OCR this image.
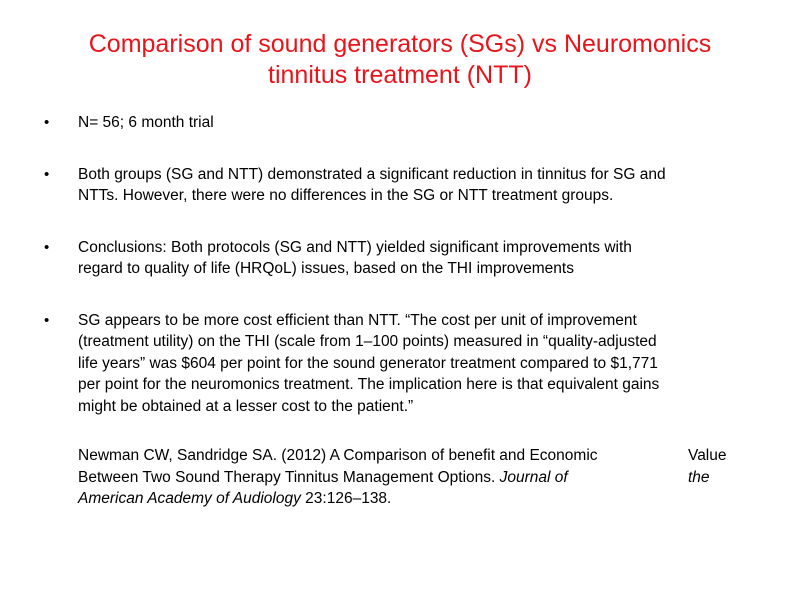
Comparison of sound generators (SGs) vs Neuromonics
tinnitus treatment (NTT)
• N= 56; 6 month trial
• Both groups (SG and NTT) demonstrated a significant reduction in tinnitus for SG and
NTTs. However, there were no differences in the SG or NTT treatment groups.
• Conclusions: Both protocols (SG and NTT) yielded significant improvements with
regard to quality of life (HRQoL) issues, based on the THI improvements
• SG appears to be more cost efficient than NTT. “The cost per unit of improvement
(treatment utility) on the THI (scale from 1–100 points) measured in “quality-adjusted
life years” was $604 per point for the sound generator treatment compared to $1,771
per point for the neuromonics treatment. The implication here is that equivalent gains
might be obtained at a lesser cost to the patient.”
Newman CW, Sandridge SA. (2012) A Comparison of benefit and Economic
Between Two Sound Therapy Tinnitus Management Options. Journal of
American Academy of Audiology 23:126–138.
Value
the
